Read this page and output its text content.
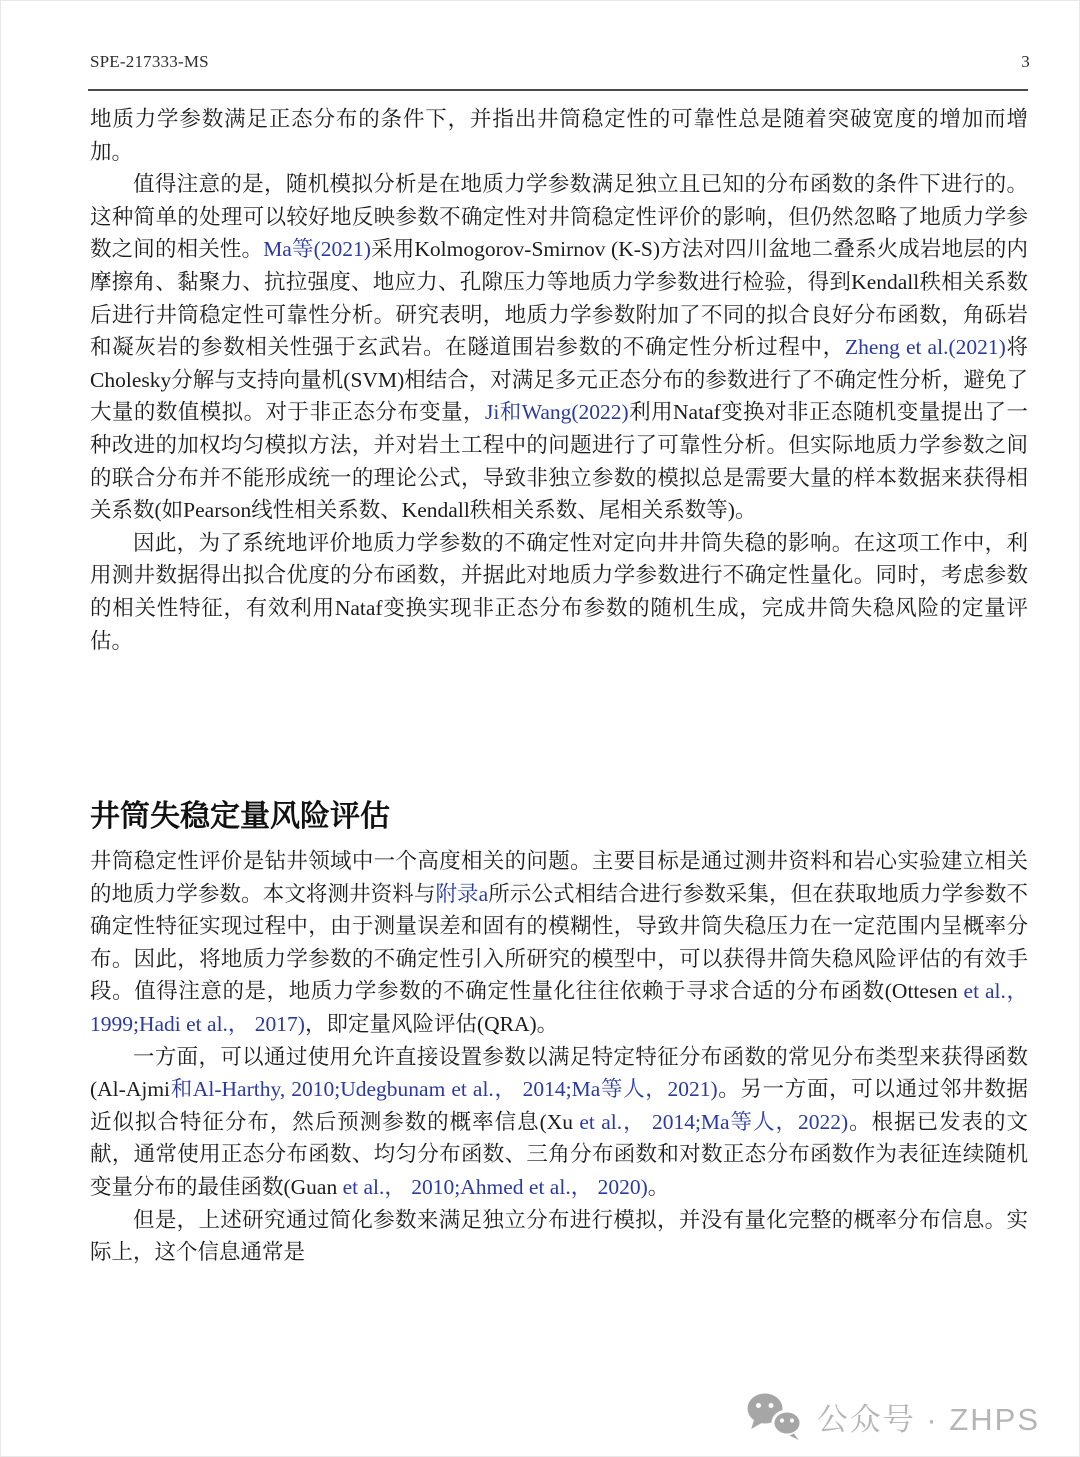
SPE-217333-MS	3

地质力学参数满足正态分布的条件下，并指出井筒稳定性的可靠性总是随着突破宽度的增加而增加。

值得注意的是，随机模拟分析是在地质力学参数满足独立且已知的分布函数的条件下进行的。这种简单的处理可以较好地反映参数不确定性对井筒稳定性评价的影响，但仍然忽略了地质力学参数之间的相关性。Ma等(2021)采用Kolmogorov-Smirnov (K-S)方法对四川盆地二叠系火成岩地层的内摩擦角、黏聚力、抗拉强度、地应力、孔隙压力等地质力学参数进行检验，得到Kendall秩相关系数后进行井筒稳定性可靠性分析。研究表明，地质力学参数附加了不同的拟合良好分布函数，角砾岩和凝灰岩的参数相关性强于玄武岩。在隧道围岩参数的不确定性分析过程中，Zheng et al.(2021)将Cholesky分解与支持向量机(SVM)相结合，对满足多元正态分布的参数进行了不确定性分析，避免了大量的数值模拟。对于非正态分布变量，Ji和Wang(2022)利用Nataf变换对非正态随机变量提出了一种改进的加权均匀模拟方法，并对岩土工程中的问题进行了可靠性分析。但实际地质力学参数之间的联合分布并不能形成统一的理论公式，导致非独立参数的模拟总是需要大量的样本数据来获得相关系数(如Pearson线性相关系数、Kendall秩相关系数、尾相关系数等)。

因此，为了系统地评价地质力学参数的不确定性对定向井井筒失稳的影响。在这项工作中，利用测井数据得出拟合优度的分布函数，并据此对地质力学参数进行不确定性量化。同时，考虑参数的相关性特征，有效利用Nataf变换实现非正态分布参数的随机生成，完成井筒失稳风险的定量评估。

井筒失稳定量风险评估

井筒稳定性评价是钻井领域中一个高度相关的问题。主要目标是通过测井资料和岩心实验建立相关的地质力学参数。本文将测井资料与附录a所示公式相结合进行参数采集，但在获取地质力学参数不确定性特征实现过程中，由于测量误差和固有的模糊性，导致井筒失稳压力在一定范围内呈概率分布。因此，将地质力学参数的不确定性引入所研究的模型中，可以获得井筒失稳风险评估的有效手段。值得注意的是，地质力学参数的不确定性量化往往依赖于寻求合适的分布函数(Ottesen et al.， 1999;Hadi et al.， 2017)，即定量风险评估(QRA)。

一方面，可以通过使用允许直接设置参数以满足特定特征分布函数的常见分布类型来获得函数(Al-Ajmi和Al-Harthy, 2010;Udegbunam et al.， 2014;Ma等人，2021)。另一方面，可以通过邻井数据近似拟合特征分布，然后预测参数的概率信息(Xu et al.， 2014;Ma等人，2022)。根据已发表的文献，通常使用正态分布函数、均匀分布函数、三角分布函数和对数正态分布函数作为表征连续随机变量分布的最佳函数(Guan et al.， 2010;Ahmed et al.， 2020)。

但是，上述研究通过简化参数来满足独立分布进行模拟，并没有量化完整的概率分布信息。实际上，这个信息通常是

公众号 · ZHPS
